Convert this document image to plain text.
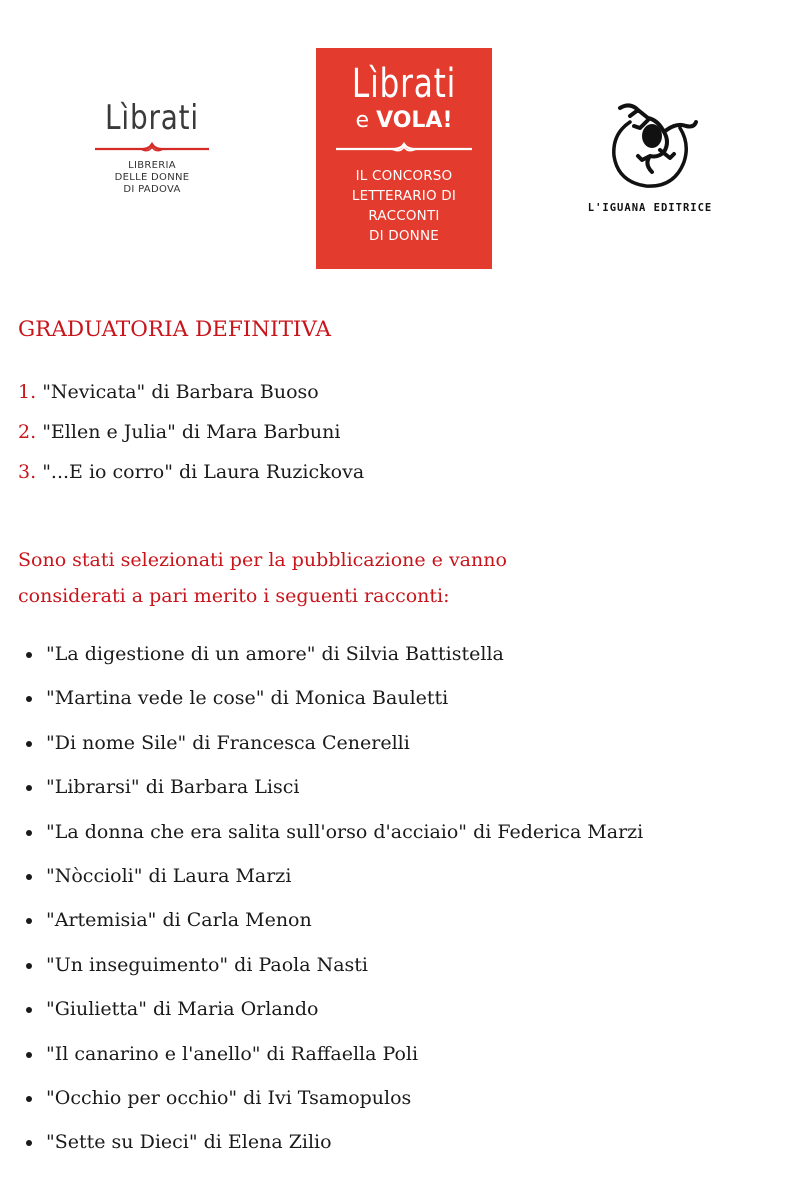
Lìbrati
LIBRERIA
DELLE DONNE
DI PADOVA
Lìbrati
e VOLA!
IL CONCORSO
LETTERARIO DI
RACCONTI
DI DONNE
L'IGUANA EDITRICE
GRADUATORIA DEFINITIVA
1. "Nevicata" di Barbara Buoso
2. "Ellen e Julia" di Mara Barbuni
3. "...E io corro" di Laura Ruzickova
Sono stati selezionati per la pubblicazione e vanno
considerati a pari merito i seguenti racconti:
"La digestione di un amore" di Silvia Battistella
"Martina vede le cose" di Monica Bauletti
"Di nome Sile" di Francesca Cenerelli
"Librarsi" di Barbara Lisci
"La donna che era salita sull'orso d'acciaio" di Federica Marzi
"Nòccioli" di Laura Marzi
"Artemisia" di Carla Menon
"Un inseguimento" di Paola Nasti
"Giulietta" di Maria Orlando
"Il canarino e l'anello" di Raffaella Poli
"Occhio per occhio" di Ivi Tsamopulos
"Sette su Dieci" di Elena Zilio
